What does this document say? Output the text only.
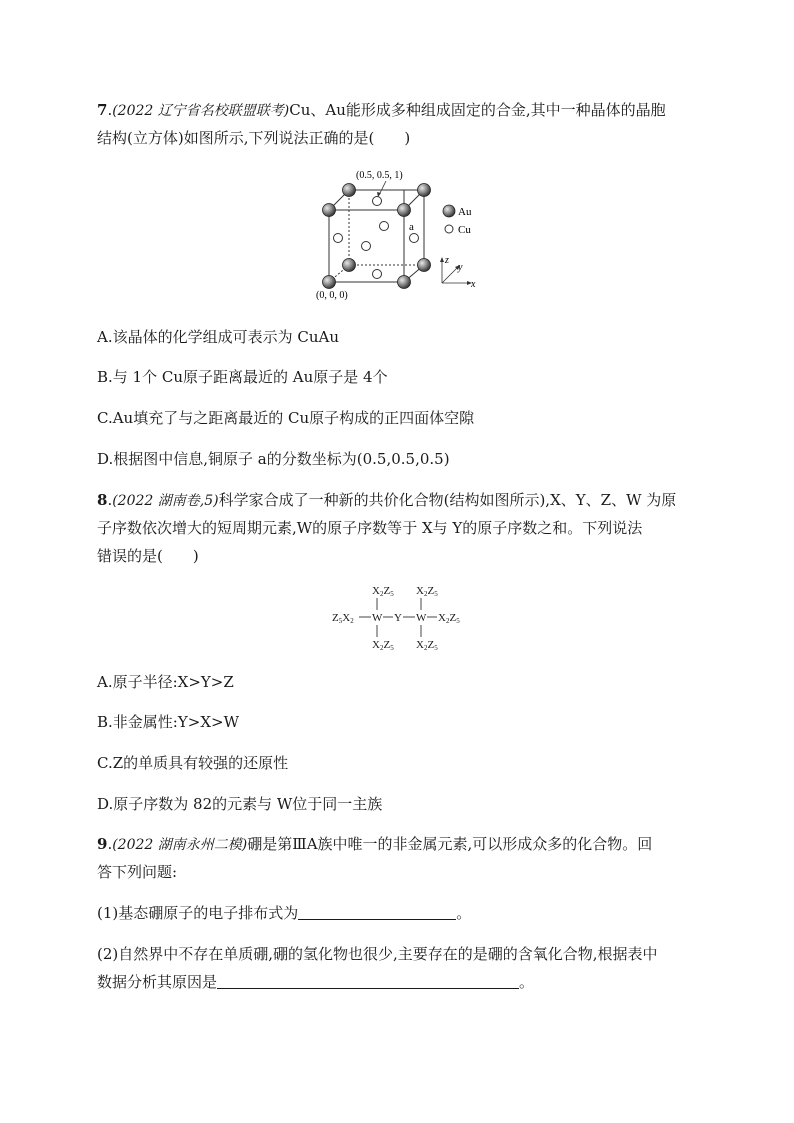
7.(2022 辽宁省名校联盟联考)Cu、Au能形成多种组成固定的合金,其中一种晶体的晶胞
结构(立方体)如图所示,下列说法正确的是(　　)
(0.5, 0.5, 1)
a
(0, 0, 0)
Au
Cu
z
y
x
A.该晶体的化学组成可表示为 CuAu
B.与 1个 Cu原子距离最近的 Au原子是 4个
C.Au填充了与之距离最近的 Cu原子构成的正四面体空隙
D.根据图中信息,铜原子 a的分数坐标为(0.5,0.5,0.5)
8.(2022 湖南卷,5)科学家合成了一种新的共价化合物(结构如图所示),X、Y、Z、W 为原
子序数依次增大的短周期元素,W的原子序数等于 X与 Y的原子序数之和。下列说法
错误的是(　　)
X2Z5 X2Z5
Z5X2 W Y W X2Z5
X2Z5 X2Z5
A.原子半径:X>Y>Z
B.非金属性:Y>X>W
C.Z的单质具有较强的还原性
D.原子序数为 82的元素与 W位于同一主族
9.(2022 湖南永州二模)硼是第ⅢA族中唯一的非金属元素,可以形成众多的化合物。回
答下列问题:
(1)基态硼原子的电子排布式为	。
(2)自然界中不存在单质硼,硼的氢化物也很少,主要存在的是硼的含氧化合物,根据表中
数据分析其原因是	。
